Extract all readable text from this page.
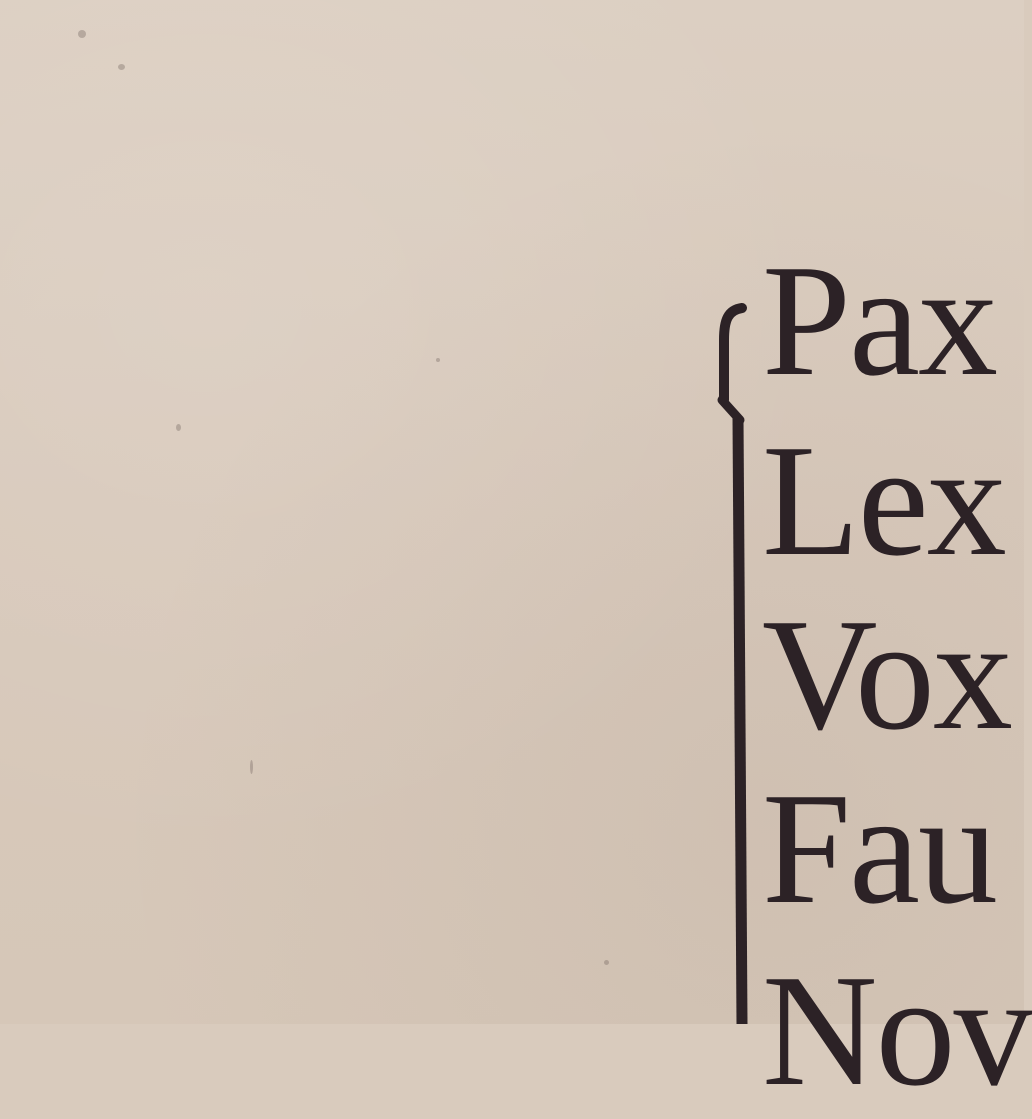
Pax
Lex
Vox
Fau
Nov
